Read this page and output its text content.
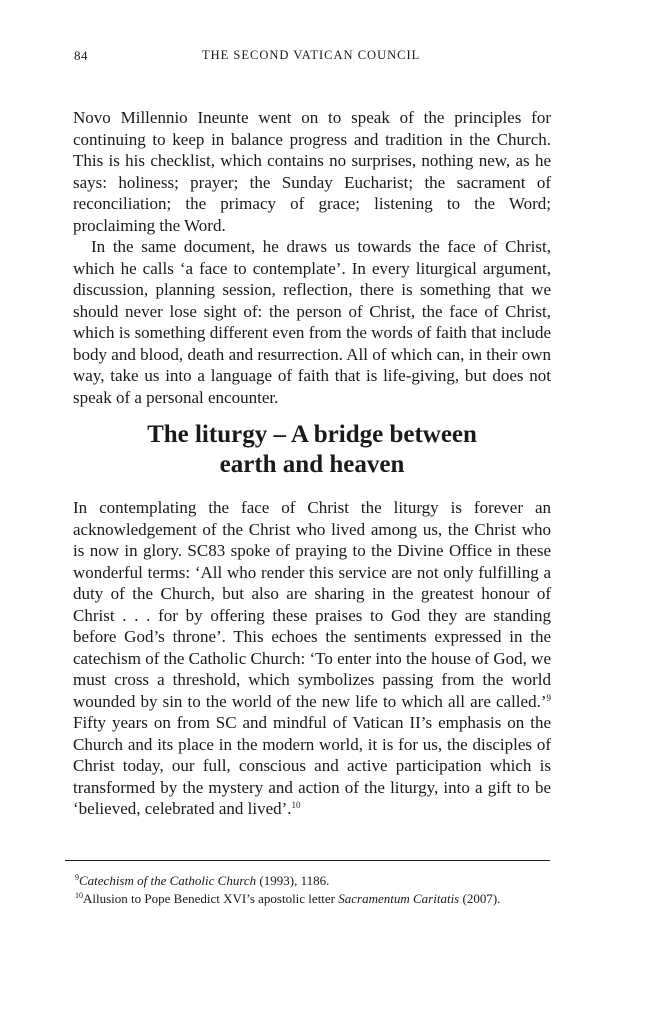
84	THE SECOND VATICAN COUNCIL

Novo Millennio Ineunte went on to speak of the principles for continuing to keep in balance progress and tradition in the Church. This is his checklist, which contains no surprises, nothing new, as he says: holiness; prayer; the Sunday Eucharist; the sacrament of reconciliation; the primacy of grace; listening to the Word; proclaiming the Word.

In the same document, he draws us towards the face of Christ, which he calls ‘a face to contemplate’. In every liturgical argument, discussion, planning session, reflection, there is something that we should never lose sight of: the person of Christ, the face of Christ, which is something different even from the words of faith that include body and blood, death and resurrection. All of which can, in their own way, take us into a language of faith that is life-giving, but does not speak of a personal encounter.

The liturgy – A bridge between
earth and heaven

In contemplating the face of Christ the liturgy is forever an acknowledgement of the Christ who lived among us, the Christ who is now in glory. SC83 spoke of praying to the Divine Office in these wonderful terms: ‘All who render this service are not only fulfilling a duty of the Church, but also are sharing in the greatest honour of Christ . . . for by offering these praises to God they are standing before God’s throne’. This echoes the sentiments expressed in the catechism of the Catholic Church: ‘To enter into the house of God, we must cross a threshold, which symbolizes passing from the world wounded by sin to the world of the new life to which all are called.’$^9$ Fifty years on from SC and mindful of Vatican II’s emphasis on the Church and its place in the modern world, it is for us, the disciples of Christ today, our full, conscious and active participation which is transformed by the mystery and action of the liturgy, into a gift to be ‘believed, celebrated and lived’.$^{10}$

$^9$Catechism of the Catholic Church (1993), 1186.
$^{10}$Allusion to Pope Benedict XVI’s apostolic letter Sacramentum Caritatis (2007).
